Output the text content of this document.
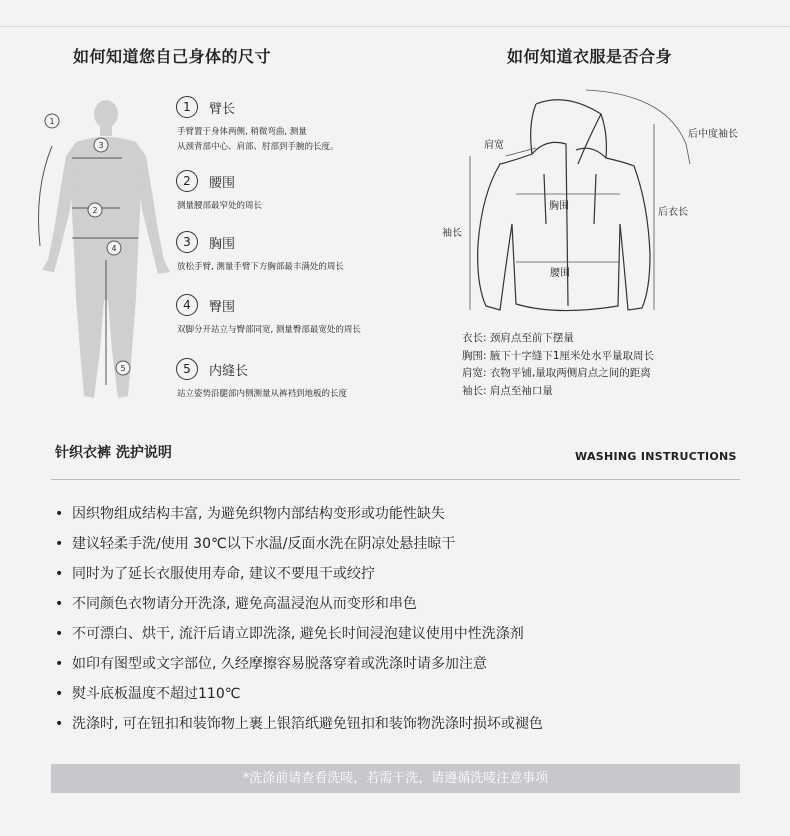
如何知道您自己身体的尺寸	如何知道衣服是否合身
1
3
2
4
5
1	臂长
手臂置于身体两侧, 稍微弯曲, 测量
从颈背部中心、肩部、肘部到手腕的长度。
2	腰围
测量腰部最窄处的周长
3	胸围
放松手臂, 测量手臂下方胸部最丰满处的周长
4	臀围
双脚分开站立与臀部同宽, 测量臀部最宽处的周长
5	内缝长
站立姿势沿腿部内侧测量从裤裆到地板的长度
肩宽
后中度袖长
胸围
后衣长
袖长
腰围
衣长: 颈肩点至前下摆量
胸围: 腋下十字缝下1厘米处水平量取周长
肩宽: 衣物平铺,量取两侧肩点之间的距离
袖长: 肩点至袖口量
针织衣裤 洗护说明	WASHING INSTRUCTIONS
• 因织物组成结构丰富, 为避免织物内部结构变形或功能性缺失
• 建议轻柔手洗/使用 30℃以下水温/反面水洗在阴凉处悬挂晾干
• 同时为了延长衣服使用寿命, 建议不要甩干或绞拧
• 不同颜色衣物请分开洗涤, 避免高温浸泡从而变形和串色
• 不可漂白、烘干, 流汗后请立即洗涤, 避免长时间浸泡建议使用中性洗涤剂
• 如印有图型或文字部位, 久经摩擦容易脱落穿着或洗涤时请多加注意
• 熨斗底板温度不超过110℃
• 洗涤时, 可在钮扣和装饰物上裹上银箔纸避免钮扣和装饰物洗涤时损坏或褪色
*洗涤前请查看洗唛，若需干洗，请遵循洗唛注意事项
